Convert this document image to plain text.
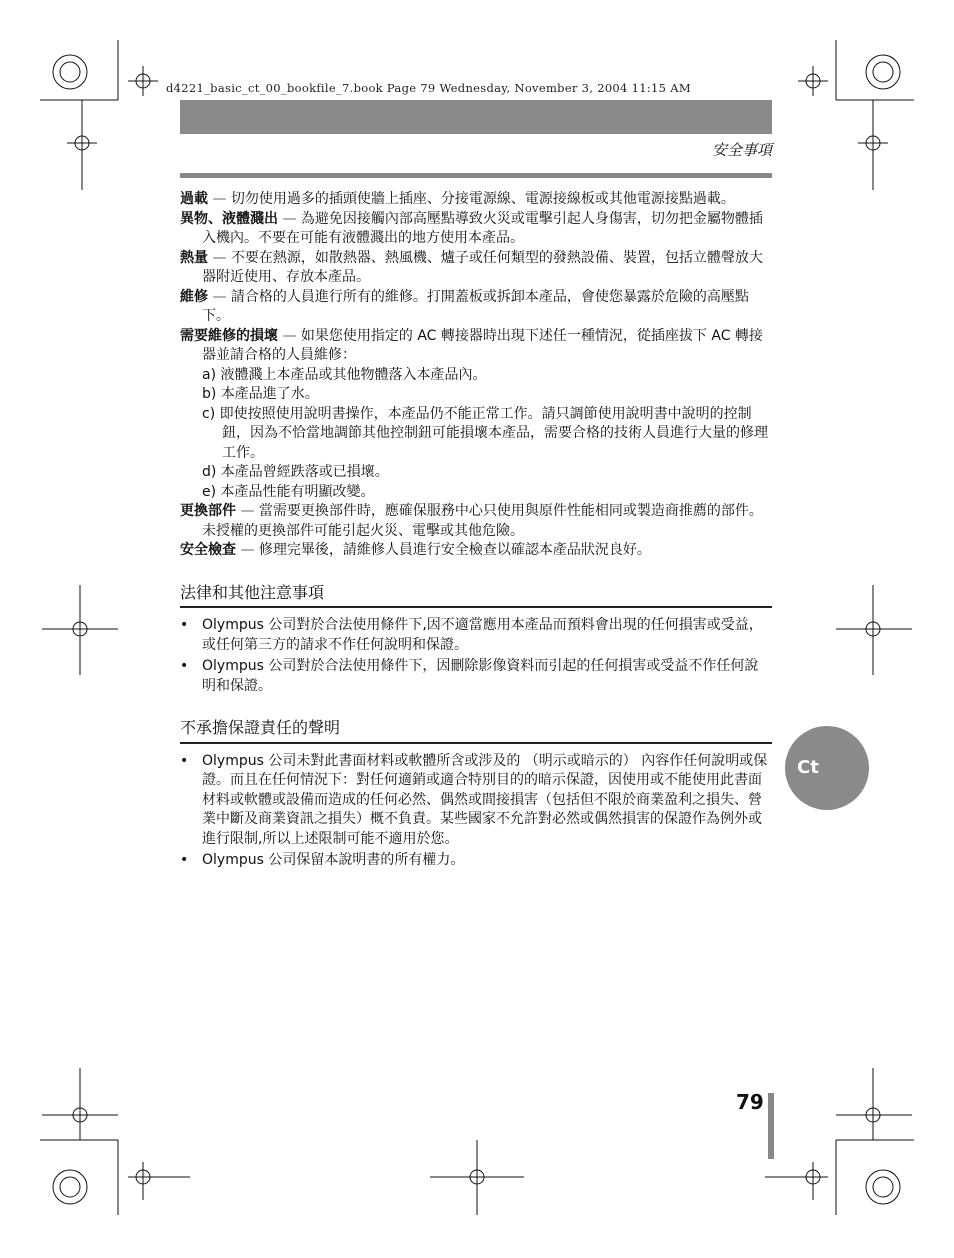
d4221_basic_ct_00_bookfile_7.book Page 79 Wednesday, November 3, 2004 11:15 AM
安全事項
過載 — 切勿使用過多的插頭使牆上插座、分接電源線、電源接線板或其他電源接點過載。
異物、液體濺出 — 為避免因接觸內部高壓點導致火災或電擊引起人身傷害，切勿把金屬物體插入機內。不要在可能有液體濺出的地方使用本產品。
熱量 — 不要在熱源，如散熱器、熱風機、爐子或任何類型的發熱設備、裝置，包括立體聲放大器附近使用、存放本產品。
維修 — 請合格的人員進行所有的維修。打開蓋板或拆卸本產品，會使您暴露於危險的高壓點下。
需要維修的損壞 — 如果您使用指定的 AC 轉接器時出現下述任一種情況，從插座拔下 AC 轉接器並請合格的人員維修：
a) 液體濺上本產品或其他物體落入本產品內。
b) 本產品進了水。
c) 即使按照使用說明書操作，本產品仍不能正常工作。請只調節使用說明書中說明的控制鈕，因為不恰當地調節其他控制鈕可能損壞本產品，需要合格的技術人員進行大量的修理工作。
d) 本產品曾經跌落或已損壞。
e) 本產品性能有明顯改變。
更換部件 — 當需要更換部件時，應確保服務中心只使用與原件性能相同或製造商推薦的部件。未授權的更換部件可能引起火災、電擊或其他危險。
安全檢查 — 修理完畢後，請維修人員進行安全檢查以確認本產品狀況良好。
法律和其他注意事項
• Olympus 公司對於合法使用條件下,因不適當應用本產品而預料會出現的任何損害或受益，或任何第三方的請求不作任何說明和保證。
• Olympus 公司對於合法使用條件下，因刪除影像資料而引起的任何損害或受益不作任何說明和保證。
不承擔保證責任的聲明
• Olympus 公司未對此書面材料或軟體所含或涉及的 （明示或暗示的） 內容作任何說明或保證。而且在任何情況下：對任何適銷或適合特別目的的暗示保證，因使用或不能使用此書面材料或軟體或設備而造成的任何必然、偶然或間接損害（包括但不限於商業盈利之損失、營業中斷及商業資訊之損失）概不負責。某些國家不允許對必然或偶然損害的保證作為例外或進行限制,所以上述限制可能不適用於您。
• Olympus 公司保留本說明書的所有權力。
Ct
79
